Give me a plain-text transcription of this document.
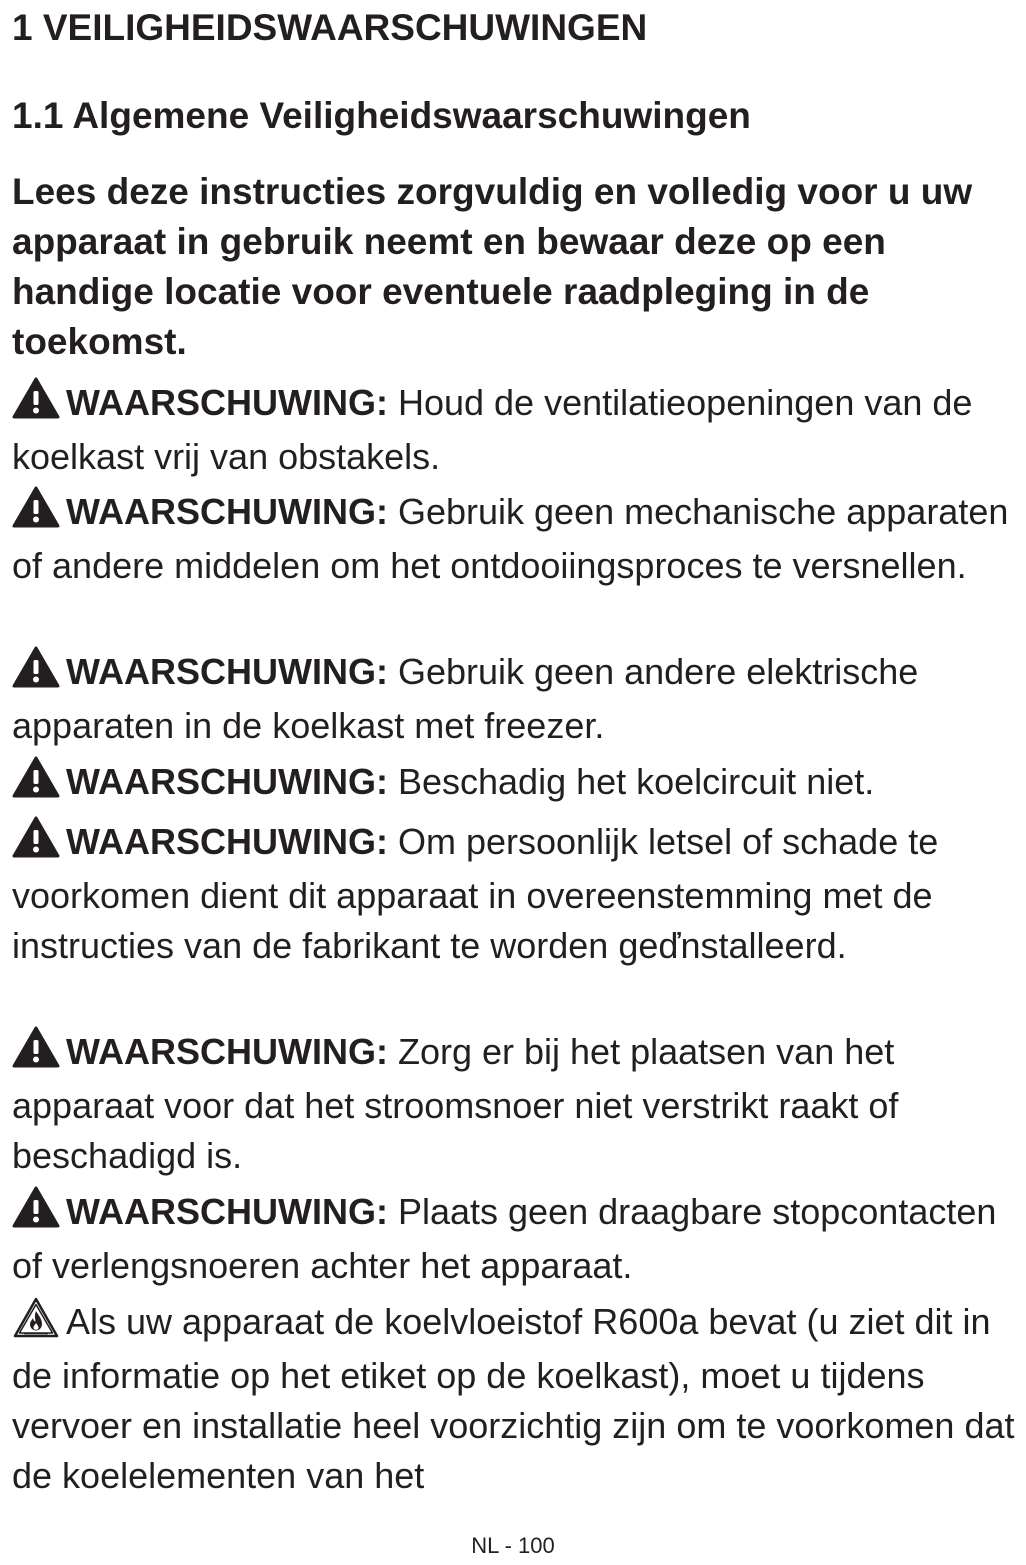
1 VEILIGHEIDSWAARSCHUWINGEN
1.1 Algemene Veiligheidswaarschuwingen

Lees deze instructies zorgvuldig en volledig voor u uw apparaat in gebruik neemt en bewaar deze op een handige locatie voor eventuele raadpleging in de toekomst.

WAARSCHUWING: Houd de ventilatieopeningen van de koelkast vrij van obstakels.

WAARSCHUWING: Gebruik geen mechanische apparaten of andere middelen om het ontdooiingsproces te versnellen.

WAARSCHUWING: Gebruik geen andere elektrische apparaten in de koelkast met freezer.

WAARSCHUWING: Beschadig het koelcircuit niet.

WAARSCHUWING: Om persoonlijk letsel of schade te voorkomen dient dit apparaat in overeenstemming met de instructies van de fabrikant te worden geďnstalleerd.

WAARSCHUWING: Zorg er bij het plaatsen van het apparaat voor dat het stroomsnoer niet verstrikt raakt of beschadigd is.

WAARSCHUWING: Plaats geen draagbare stopcontacten of verlengsnoeren achter het apparaat.

Als uw apparaat de koelvloeistof R600a bevat (u ziet dit in de informatie op het etiket op de koelkast), moet u tijdens vervoer en installatie heel voorzichtig zijn om te voorkomen dat de koelelementen van het

NL - 100
